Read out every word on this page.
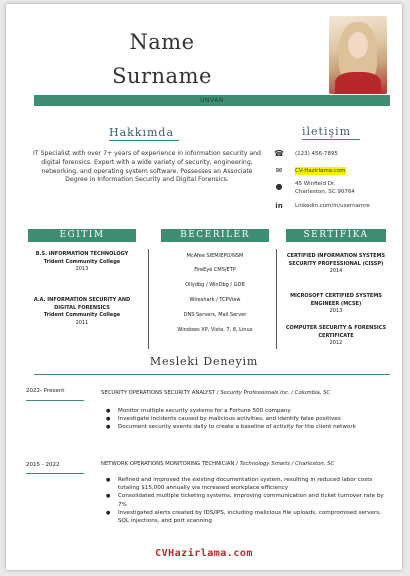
Name
Surname
UNVAN
Hakkımda
IT Specialist with over 7+ years of experience in information security and digital forensics. Expert with a wide variety of security, engineering, networking, and operating system software. Possesses an Associate Degree in Information Security and Digital Forensics.
iletişim
☎ (123) 456-7895
✉	CV-Hazirlama.com
● 45 Winfield Dr.
Charleston, SC 90764
in Linkedin.com/in/usernamre
EGITIM	BECERILER	SERTIFIKA
B.S. INFORMATİON TECHNOLOGY
Trident Community College
2013
A.A. INFORMATION SECURITY AND DIGITAL FORENSICS
Trident Community College
2011
McAfee SIEM/EPO/NSM
FireEye CMS/ETP
Ollydbg / WinDbg / GDB
Wireshark / TCPView
DNS Servers, Mail Server
Windows XP, Vista, 7, 8, Linux
CERTIFIED INFORMATION SYSTEMS SECURITY PROFESSIONAL (CISSP)
2014
MICROSOFT CERTIFIED SYSTEMS ENGINEER (MCSE)
2013
COMPUTER SECURITY & FORENSICS CERTIFICATE
2012
Mesleki Deneyim
2022- Present	SECURITY OPERATIONS SECURITY ANALYST / Security Professionals Inc. / Columbia, SC
● Monitor multiple security systems for a Fortune 500 company
● Investigate incidents caused by malicious activities, and identify false positives
● Document security events daily to create a baseline of activity for the client network
2015 - 2022	NETWORK OPERATIONS MONITORING TECHNICIAN / Technology Smarts / Charleston, SC
● Refined and improved the existing documentation system, resulting in reduced labor costs totaling $15,000 annually via increased workplace efficiency
● Consolidated multiple ticketing systems, improving communication and ticket turnover rate by 7%
● Investigated alerts created by IDS/IPS, including malicious file uploads, compromised servers, SQL injections, and port scanning
CVHazirlama.com
